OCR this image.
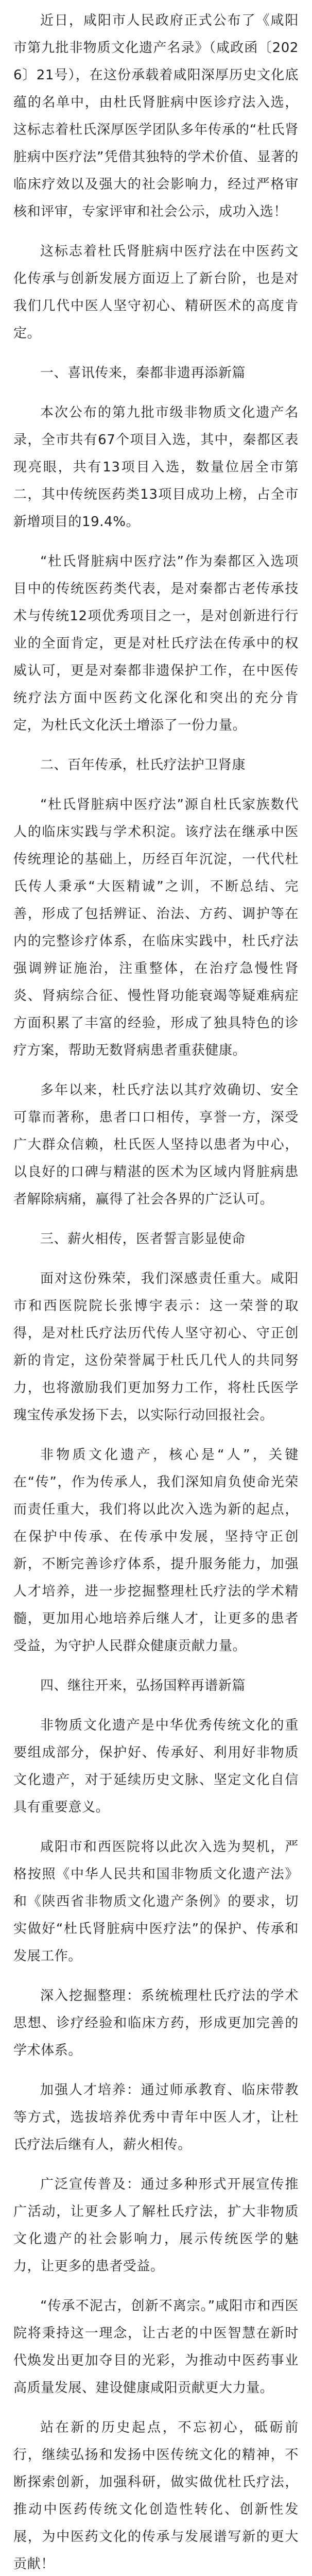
近日，咸阳市人民政府正式公布了《咸阳市第九批非物质文化遗产名录》（咸政函〔2026〕21号），在这份承载着咸阳深厚历史文化底蕴的名单中，由杜氏肾脏病中医诊疗法入选，这标志着杜氏深厚医学团队多年传承的“杜氏肾脏病中医疗法”凭借其独特的学术价值、显著的临床疗效以及强大的社会影响力，经过严格审核和评审，专家评审和社会公示，成功入选！

这标志着杜氏肾脏病中医疗法在中医药文化传承与创新发展方面迈上了新台阶，也是对我们几代中医人坚守初心、精研医术的高度肯定。

一、喜讯传来，秦都非遗再添新篇

本次公布的第九批市级非物质文化遗产名录，全市共有67个项目入选，其中，秦都区表现亮眼，共有13项目入选，数量位居全市第二，其中传统医药类13项目成功上榜，占全市新增项目的19.4%。

“杜氏肾脏病中医疗法”作为秦都区入选项目中的传统医药类代表，是对秦都古老传承技术与传统12项优秀项目之一，是对创新进行行业的全面肯定，更是对杜氏疗法在传承中的权威认可，更是对秦都非遗保护工作，在中医传统疗法方面中医药文化深化和突出的充分肯定，为杜氏文化沃土增添了一份力量。

二、百年传承，杜氏疗法护卫肾康

“杜氏肾脏病中医疗法”源自杜氏家族数代人的临床实践与学术积淀。该疗法在继承中医传统理论的基础上，历经百年沉淀，一代代杜氏传人秉承“大医精诚”之训，不断总结、完善，形成了包括辨证、治法、方药、调护等在内的完整诊疗体系，在临床实践中，杜氏疗法强调辨证施治，注重整体，在治疗急慢性肾炎、肾病综合征、慢性肾功能衰竭等疑难病症方面积累了丰富的经验，形成了独具特色的诊疗方案，帮助无数肾病患者重获健康。

多年以来，杜氏疗法以其疗效确切、安全可靠而著称，患者口口相传，享誉一方，深受广大群众信赖，杜氏医人坚持以患者为中心，以良好的口碑与精湛的医术为区域内肾脏病患者解除病痛，赢得了社会各界的广泛认可。

三、薪火相传，医者誓言影显使命

面对这份殊荣，我们深感责任重大。咸阳市和西医院院长张博宇表示：这一荣誉的取得，是对杜氏疗法历代传人坚守初心、守正创新的肯定，这份荣誉属于杜氏几代人的共同努力，也将激励我们更加努力工作，将杜氏医学瑰宝传承发扬下去，以实际行动回报社会。

非物质文化遗产，核心是“人”，关键在“传”，作为传承人，我们深知肩负使命光荣而责任重大，我们将以此次入选为新的起点，在保护中传承、在传承中发展，坚持守正创新，不断完善诊疗体系，提升服务能力，加强人才培养，进一步挖掘整理杜氏疗法的学术精髓，更加用心地培养后继人才，让更多的患者受益，为守护人民群众健康贡献力量。

四、继往开来，弘扬国粹再谱新篇

非物质文化遗产是中华优秀传统文化的重要组成部分，保护好、传承好、利用好非物质文化遗产，对于延续历史文脉、坚定文化自信具有重要意义。

咸阳市和西医院将以此次入选为契机，严格按照《中华人民共和国非物质文化遗产法》和《陕西省非物质文化遗产条例》的要求，切实做好“杜氏肾脏病中医疗法”的保护、传承和发展工作。

深入挖掘整理：系统梳理杜氏疗法的学术思想、诊疗经验和临床方药，形成更加完善的学术体系。

加强人才培养：通过师承教育、临床带教等方式，选拔培养优秀中青年中医人才，让杜氏疗法后继有人，薪火相传。

广泛宣传普及：通过多种形式开展宣传推广活动，让更多人了解杜氏疗法，扩大非物质文化遗产的社会影响力，展示传统医学的魅力，让更多的患者受益。

“传承不泥古，创新不离宗。”咸阳市和西医院将秉持这一理念，让古老的中医智慧在新时代焕发出更加夺目的光彩，为推动中医药事业高质量发展、建设健康咸阳贡献更大力量。

站在新的历史起点，不忘初心，砥砺前行，继续弘扬和发扬中医传统文化的精神，不断探索创新，加强科研，做实做优杜氏疗法，推动中医药传统文化创造性转化、创新性发展，为中医药文化的传承与发展谱写新的更大贡献！
